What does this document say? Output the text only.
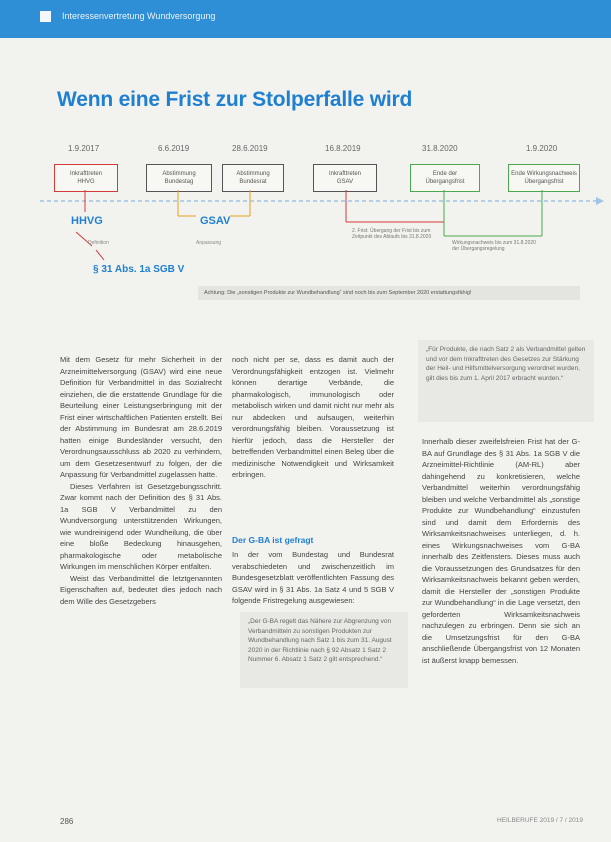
Interessenvertretung Wundversorgung
Wenn eine Frist zur Stolperfalle wird
1.9.2017	6.6.2019	28.6.2019	16.8.2019	31.8.2020	1.9.2020
Inkrafttreten
HHVG
Abstimmung
Bundestag
Abstimmung
Bundesrat
Inkrafttreten
GSAV
Ende der
Übergangsfrist
Ende Wirkungsnachweis
Übergangsfrist
HHVG	GSAV
Definition	Anpassung
§ 31 Abs. 1a SGB V
2. Frist: Übergang der Frist bis zum Zeitpunkt des Ablaufs bis 31.8.2020
Wirkungsnachweis bis zum 31.8.2020 der Übergangsregelung
Achtung: Die „sonstigen Produkte zur Wundbehandlung“ sind noch bis zum September 2020 erstattungsfähig!

Mit dem Gesetz für mehr Sicherheit in der Arzneimittelversorgung (GSAV) wird eine neue Definition für Verbandmittel in das Sozialrecht einziehen, die die erstattende Grundlage für die Beurteilung einer Leistungserbringung mit der Frist einer wirtschaftlichen Patienten erstellt. Bei der Abstimmung im Bundesrat am 28.6.2019 hatten einige Bundesländer versucht, den Verordnungsausschluss ab 2020 zu verhindern, um dem Gesetzesentwurf zu folgen, der die Anpassung für Verbandmittel zugelassen hatte.

Dieses Verfahren ist Gesetzgebungsschritt. Zwar kommt nach der Definition des § 31 Abs. 1a SGB V Verbandmittel zu den Wundversorgung unterstützenden Wirkungen, wie wundreinigend oder Wundheilung, die über eine bloße Bedeckung hinausgehen, pharmakologische oder metabolische Wirkungen im menschlichen Körper entfalten.

Weist das Verbandmittel die letztgenannten Eigenschaften auf, bedeutet dies jedoch nach dem Wille des Gesetzgebers

noch nicht per se, dass es damit auch der Verordnungsfähigkeit entzogen ist. Vielmehr können derartige Verbände, die pharmakologisch, immunologisch oder metabolisch wirken und damit nicht nur mehr als nur abdecken und aufsaugen, weiterhin verordnungsfähig bleiben. Voraussetzung ist hierfür jedoch, dass die Hersteller der betreffenden Verbandmittel einen Beleg über die medizinische Notwendigkeit und Wirksamkeit erbringen.

Der G-BA ist gefragt

In der vom Bundestag und Bundesrat verabschiedeten und zwischenzeitlich im Bundesgesetzblatt veröffentlichten Fassung des GSAV wird in § 31 Abs. 1a Satz 4 und 5 SGB V folgende Fristregelung ausgewiesen:

„Der G-BA regelt das Nähere zur Abgrenzung von Verbandmitteln zu sonstigen Produkten zur Wundbehandlung nach Satz 1 bis zum 31. August 2020 in der Richtlinie nach § 92 Absatz 1 Satz 2 Nummer 6. Absatz 1 Satz 2 gilt entsprechend.“
„Für Produkte, die nach Satz 2 als Verbandmittel gelten und vor dem Inkrafttreten des Gesetzes zur Stärkung der Heil- und Hilfsmittelversorgung verordnet wurden, gilt dies bis zum 1. April 2017 erbracht wurden.“

Innerhalb dieser zweifelsfreien Frist hat der G-BA auf Grundlage des § 31 Abs. 1a SGB V die Arzneimittel-Richtlinie (AM-RL) aber dahingehend zu konkretisieren, welche Verbandmittel weiterhin verordnungsfähig bleiben und welche Verbandmittel als „sonstige Produkte zur Wundbehandlung“ einzustufen sind und damit dem Erfordernis des Wirksamkeitsnachweises unterliegen, d. h. eines Wirkungsnachweises vom G-BA innerhalb des Zeitfensters. Dieses muss auch die Voraussetzungen des Grundsatzes für den Wirksamkeitsnachweis bekannt geben werden, damit die Hersteller der „sonstigen Produkte zur Wundbehandlung“ in die Lage versetzt, den geforderten Wirksamkeitsnachweis nachzulegen zu erbringen. Denn sie sich an die Umsetzungsfrist für den G-BA anschließende Übergangsfrist von 12 Monaten ist äußerst knapp bemessen.

286	HEILBERUFE 2019 / 7 / 2019
